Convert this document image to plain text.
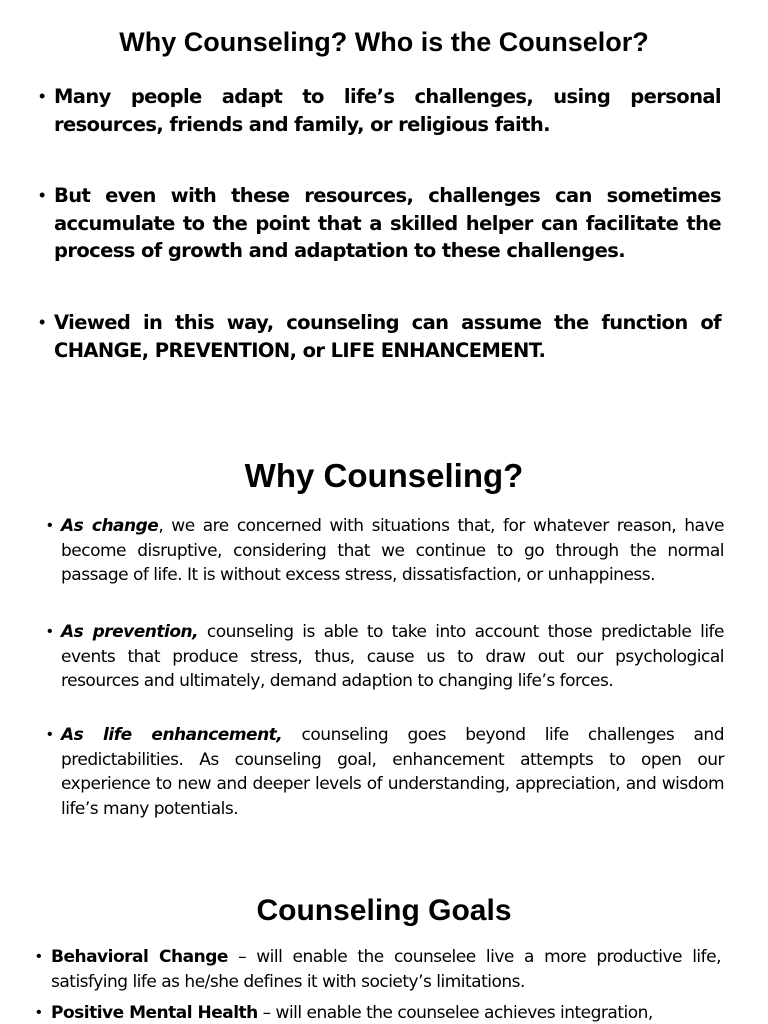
Why Counseling? Who is the Counselor?
• Many people adapt to life’s challenges, using personal resources, friends and family, or religious faith.
• But even with these resources, challenges can sometimes accumulate to the point that a skilled helper can facilitate the process of growth and adaptation to these challenges.
• Viewed in this way, counseling can assume the function of CHANGE, PREVENTION, or LIFE ENHANCEMENT.
Why Counseling?
• As change, we are concerned with situations that, for whatever reason, have become disruptive, considering that we continue to go through the normal passage of life. It is without excess stress, dissatisfaction, or unhappiness.
• As prevention, counseling is able to take into account those predictable life events that produce stress, thus, cause us to draw out our psychological resources and ultimately, demand adaption to changing life’s forces.
• As life enhancement, counseling goes beyond life challenges and predictabilities. As counseling goal, enhancement attempts to open our experience to new and deeper levels of understanding, appreciation, and wisdom life’s many potentials.
Counseling Goals
• Behavioral Change – will enable the counselee live a more productive life, satisfying life as he/she defines it with society’s limitations.
• Positive Mental Health – will enable the counselee achieves integration,
